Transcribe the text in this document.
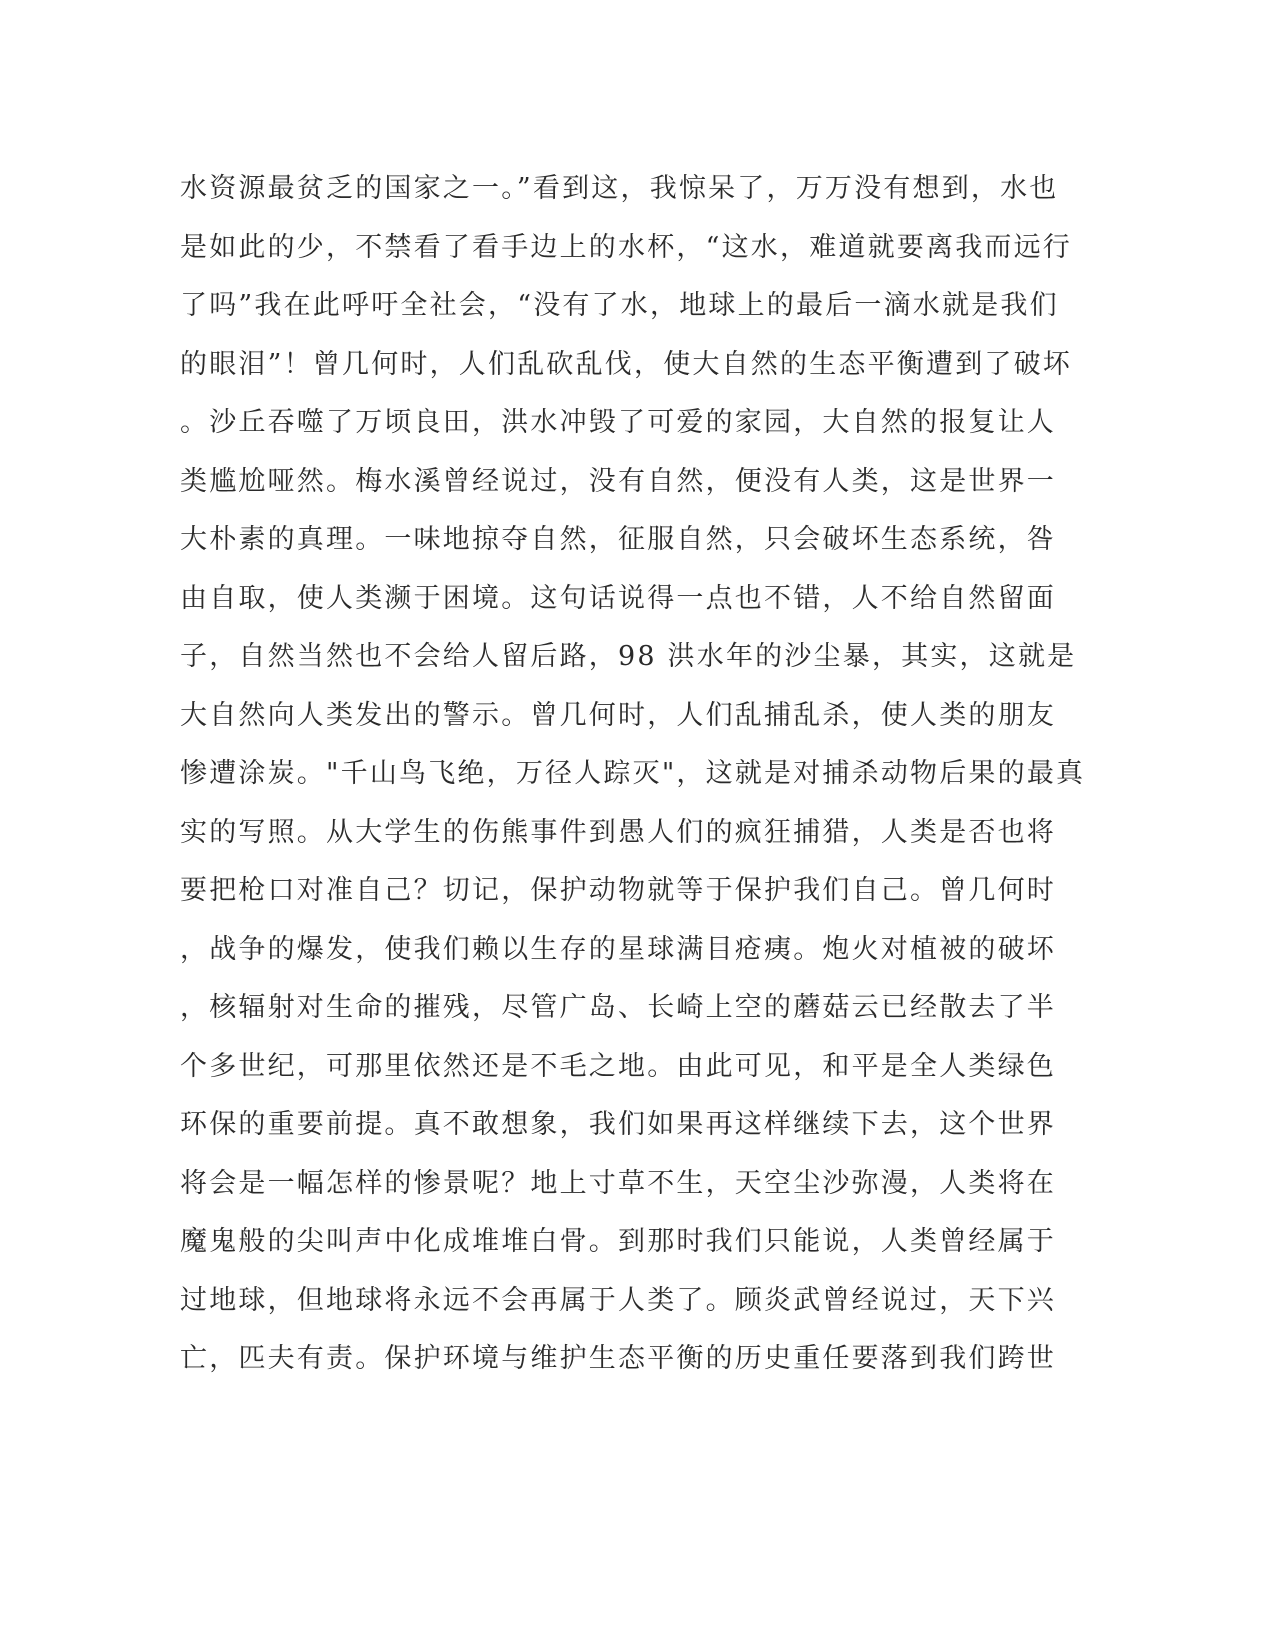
水资源最贫乏的国家之一。”看到这，我惊呆了，万万没有想到，水也
是如此的少，不禁看了看手边上的水杯，“这水，难道就要离我而远行
了吗”我在此呼吁全社会，“没有了水，地球上的最后一滴水就是我们
的眼泪”！曾几何时，人们乱砍乱伐，使大自然的生态平衡遭到了破坏
。沙丘吞噬了万顷良田，洪水冲毁了可爱的家园，大自然的报复让人
类尴尬哑然。梅水溪曾经说过，没有自然，便没有人类，这是世界一
大朴素的真理。一味地掠夺自然，征服自然，只会破坏生态系统，咎
由自取，使人类濒于困境。这句话说得一点也不错，人不给自然留面
子，自然当然也不会给人留后路，98 洪水年的沙尘暴，其实，这就是
大自然向人类发出的警示。曾几何时，人们乱捕乱杀，使人类的朋友
惨遭涂炭。"千山鸟飞绝，万径人踪灭"，这就是对捕杀动物后果的最真
实的写照。从大学生的伤熊事件到愚人们的疯狂捕猎，人类是否也将
要把枪口对准自己？切记，保护动物就等于保护我们自己。曾几何时
，战争的爆发，使我们赖以生存的星球满目疮痍。炮火对植被的破坏
，核辐射对生命的摧残，尽管广岛、长崎上空的蘑菇云已经散去了半
个多世纪，可那里依然还是不毛之地。由此可见，和平是全人类绿色
环保的重要前提。真不敢想象，我们如果再这样继续下去，这个世界
将会是一幅怎样的惨景呢？地上寸草不生，天空尘沙弥漫，人类将在
魔鬼般的尖叫声中化成堆堆白骨。到那时我们只能说，人类曾经属于
过地球，但地球将永远不会再属于人类了。顾炎武曾经说过，天下兴
亡，匹夫有责。保护环境与维护生态平衡的历史重任要落到我们跨世
